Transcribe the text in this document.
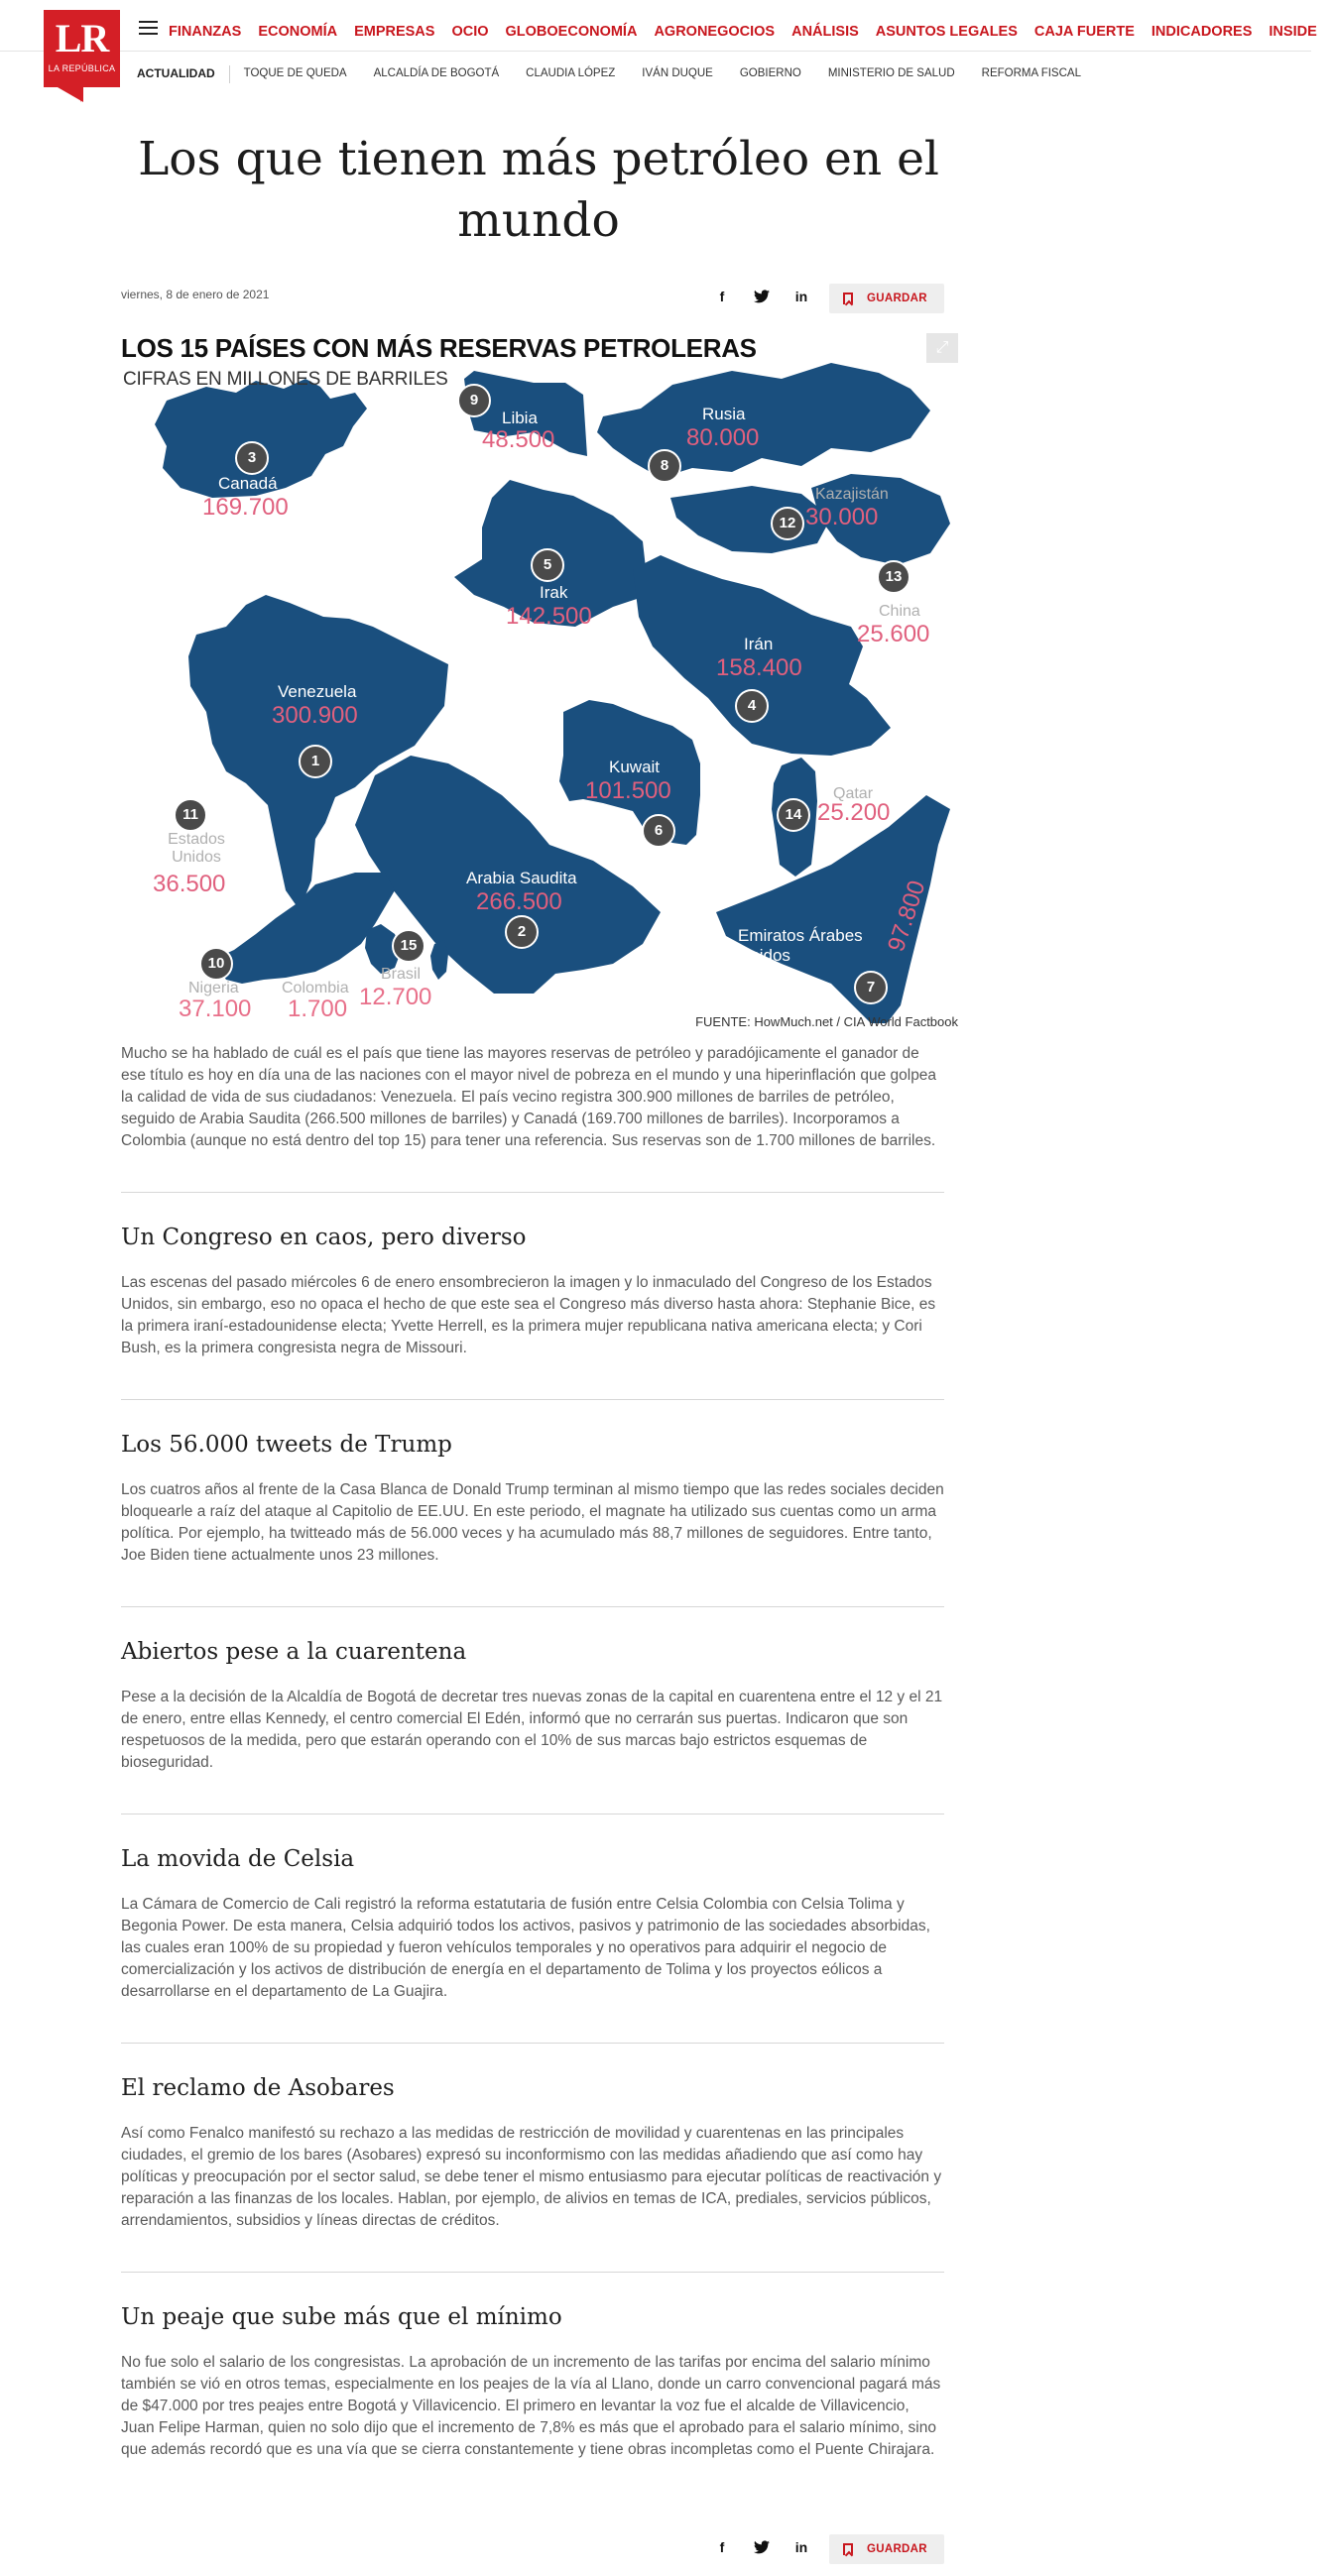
LR
LA REPÚBLICA
FINANZAS ECONOMÍA EMPRESAS OCIO GLOBOECONOMÍA AGRONEGOCIOS ANÁLISIS ASUNTOS LEGALES CAJA FUERTE INDICADORES INSIDE
ACTUALIDAD	TOQUE DE QUEDA ALCALDÍA DE BOGOTÁ CLAUDIA LÓPEZ IVÁN DUQUE GOBIERNO MINISTERIO DE SALUD REFORMA FISCAL
Los que tienen más petróleo en el mundo
viernes, 8 de enero de 2021	f	in	GUARDAR
LOS 15 PAÍSES CON MÁS RESERVAS PETROLERAS
CIFRAS EN MILLONES DE BARRILES
⤢
3
9
8
12
13
5
4
1
11
6
14
2
15
10
7
Canadá
169.700
Libia
48.500
Rusia
80.000
Kazajistán
30.000
China
25.600
Irak
142.500
Irán
158.400
Venezuela
300.900
Kuwait
101.500	Qatar
25.200
Estados Unidos
36.500	Arabia Saudita
266.500
Emiratos Árabes Unidos
97.800
Nigeria
37.100
Colombia
1.700
Brasil
12.700
FUENTE: HowMuch.net / CIA World Factbook

Mucho se ha hablado de cuál es el país que tiene las mayores reservas de petróleo y paradójicamente el ganador de ese título es hoy en día una de las naciones con el mayor nivel de pobreza en el mundo y una hiperinflación que golpea la calidad de vida de sus ciudadanos: Venezuela. El país vecino registra 300.900 millones de barriles de petróleo, seguido de Arabia Saudita (266.500 millones de barriles) y Canadá (169.700 millones de barriles). Incorporamos a Colombia (aunque no está dentro del top 15) para tener una referencia. Sus reservas son de 1.700 millones de barriles.

Un Congreso en caos, pero diverso

Las escenas del pasado miércoles 6 de enero ensombrecieron la imagen y lo inmaculado del Congreso de los Estados Unidos, sin embargo, eso no opaca el hecho de que este sea el Congreso más diverso hasta ahora: Stephanie Bice, es la primera iraní-estadounidense electa; Yvette Herrell, es la primera mujer republicana nativa americana electa; y Cori Bush, es la primera congresista negra de Missouri.

Los 56.000 tweets de Trump

Los cuatros años al frente de la Casa Blanca de Donald Trump terminan al mismo tiempo que las redes sociales deciden bloquearle a raíz del ataque al Capitolio de EE.UU. En este periodo, el magnate ha utilizado sus cuentas como un arma política. Por ejemplo, ha twitteado más de 56.000 veces y ha acumulado más 88,7 millones de seguidores. Entre tanto, Joe Biden tiene actualmente unos 23 millones.

Abiertos pese a la cuarentena

Pese a la decisión de la Alcaldía de Bogotá de decretar tres nuevas zonas de la capital en cuarentena entre el 12 y el 21 de enero, entre ellas Kennedy, el centro comercial El Edén, informó que no cerrarán sus puertas. Indicaron que son respetuosos de la medida, pero que estarán operando con el 10% de sus marcas bajo estrictos esquemas de bioseguridad.

La movida de Celsia

La Cámara de Comercio de Cali registró la reforma estatutaria de fusión entre Celsia Colombia con Celsia Tolima y Begonia Power. De esta manera, Celsia adquirió todos los activos, pasivos y patrimonio de las sociedades absorbidas, las cuales eran 100% de su propiedad y fueron vehículos temporales y no operativos para adquirir el negocio de comercialización y los activos de distribución de energía en el departamento de Tolima y los proyectos eólicos a desarrollarse en el departamento de La Guajira.

El reclamo de Asobares

Así como Fenalco manifestó su rechazo a las medidas de restricción de movilidad y cuarentenas en las principales ciudades, el gremio de los bares (Asobares) expresó su inconformismo con las medidas añadiendo que así como hay políticas y preocupación por el sector salud, se debe tener el mismo entusiasmo para ejecutar políticas de reactivación y reparación a las finanzas de los locales. Hablan, por ejemplo, de alivios en temas de ICA, prediales, servicios públicos, arrendamientos, subsidios y líneas directas de créditos.

Un peaje que sube más que el mínimo

No fue solo el salario de los congresistas. La aprobación de un incremento de las tarifas por encima del salario mínimo también se vió en otros temas, especialmente en los peajes de la vía al Llano, donde un carro convencional pagará más de $47.000 por tres peajes entre Bogotá y Villavicencio. El primero en levantar la voz fue el alcalde de Villavicencio, Juan Felipe Harman, quien no solo dijo que el incremento de 7,8% es más que el aprobado para el salario mínimo, sino que además recordó que es una vía que se cierra constantemente y tiene obras incompletas como el Puente Chirajara.

f	in	GUARDAR
